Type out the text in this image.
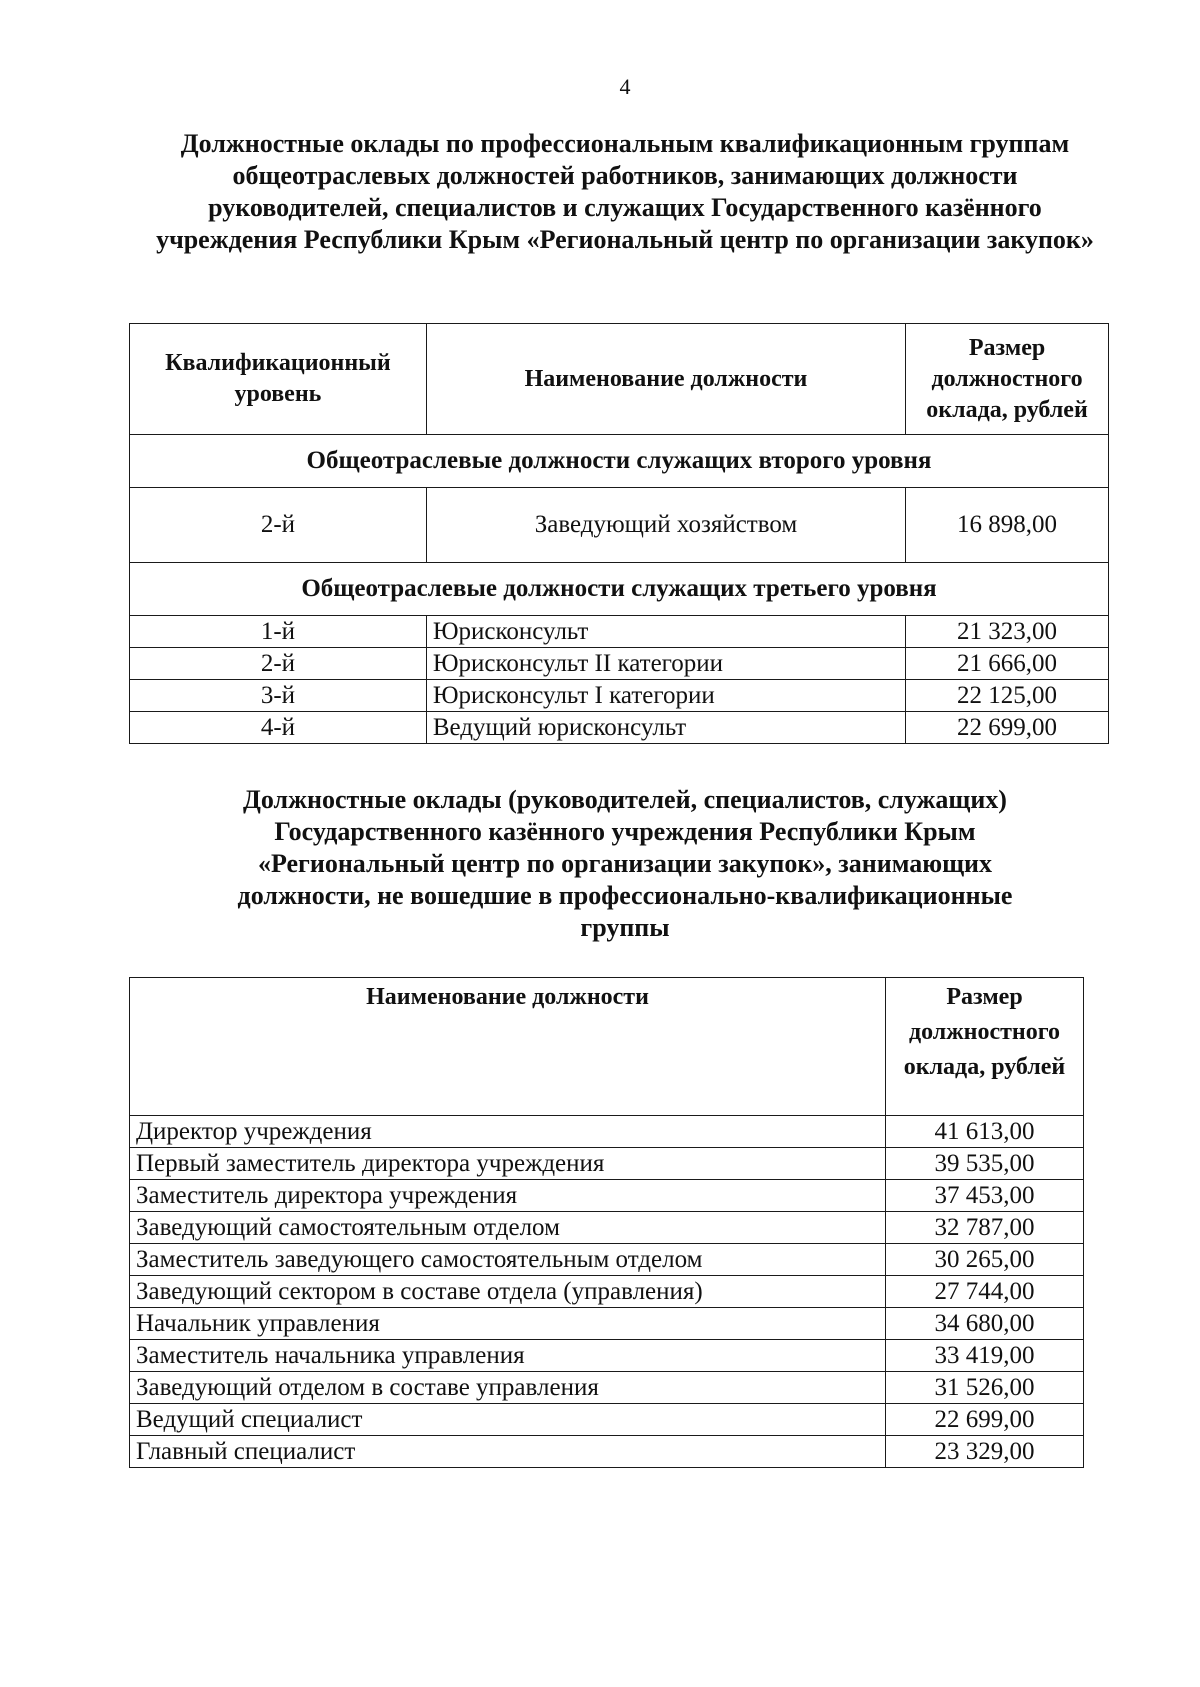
4
Должностные оклады по профессиональным квалификационным группам общеотраслевых должностей работников, занимающих должности руководителей, специалистов и служащих Государственного казённого учреждения Республики Крым «Региональный центр по организации закупок»
Квалификационный уровень	Наименование должности	Размер должностного оклада, рублей
Общеотраслевые должности служащих второго уровня		
2-й	Заведующий хозяйством	16 898,00
Общеотраслевые должности служащих третьего уровня		
1-й	Юрисконсульт	21 323,00
2-й	Юрисконсульт II категории	21 666,00
3-й	Юрисконсульт I категории	22 125,00
4-й	Ведущий юрисконсульт	22 699,00
Должностные оклады (руководителей, специалистов, служащих) Государственного казённого учреждения Республики Крым «Региональный центр по организации закупок», занимающих должности, не вошедшие в профессионально-квалификационные группы
Наименование должности	Размер должностного оклада, рублей
Директор учреждения	41 613,00
Первый заместитель директора учреждения	39 535,00
Заместитель директора учреждения	37 453,00
Заведующий самостоятельным отделом	32 787,00
Заместитель заведующего самостоятельным отделом	30 265,00
Заведующий сектором в составе отдела (управления)	27 744,00
Начальник управления	34 680,00
Заместитель начальника управления	33 419,00
Заведующий отделом в составе управления	31 526,00
Ведущий специалист	22 699,00
Главный специалист	23 329,00
